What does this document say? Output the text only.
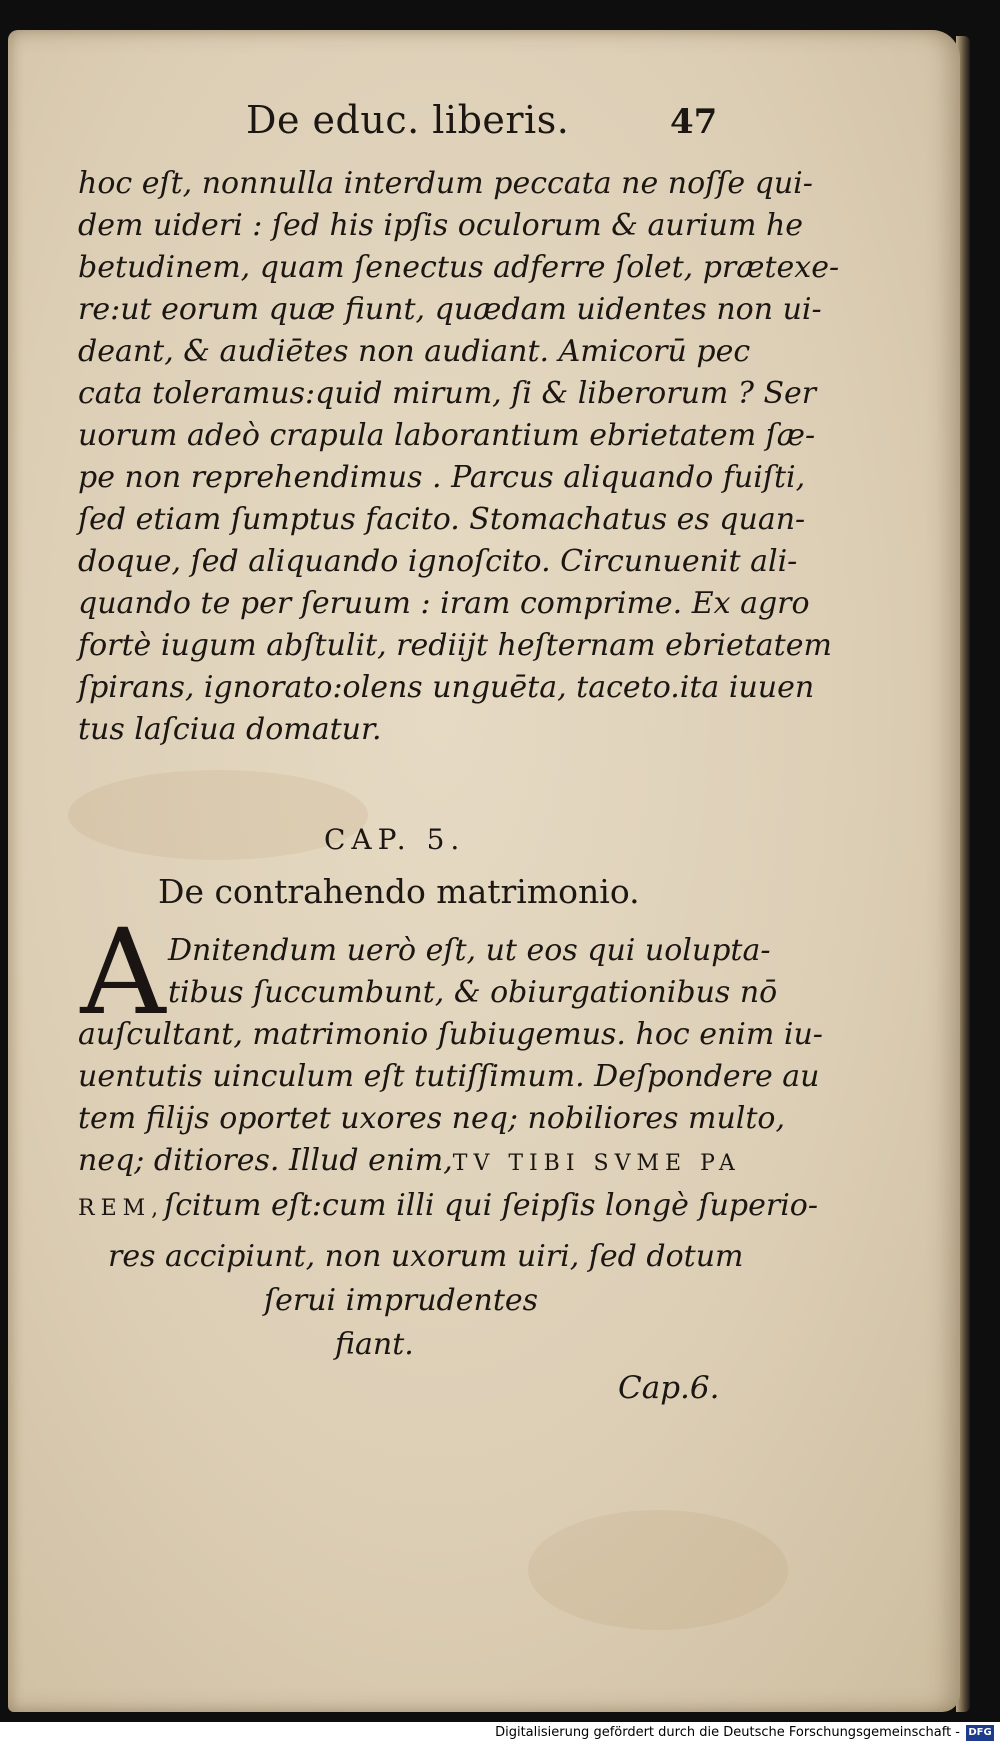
De educ. liberis.	47
hoc eſt, nonnulla interdum peccata ne noſſe qui-
dem uideri : ſed his ipſis oculorum & aurium he
betudinem, quam ſenectus adferre ſolet, prætexe-
re:ut eorum quæ fiunt, quædam uidentes non ui-
deant, & audiētes non audiant. Amicorū pec
cata toleramus:quid mirum, ſi & liberorum ? Ser
uorum adeò crapula laborantium ebrietatem ſæ-
pe non reprehendimus . Parcus aliquando fuiſti,
ſed etiam ſumptus facito. Stomachatus es quan-
doque, ſed aliquando ignoſcito. Circunuenit ali-
quando te per ſeruum : iram comprime. Ex agro
fortè iugum abſtulit, rediijt heſternam ebrietatem
ſpirans, ignorato:olens unguēta, taceto.ita iuuen
tus laſciua domatur.
CAP. 5.
De contrahendo matrimonio.
A Dnitendum uerò eſt, ut eos qui uolupta-
tibus ſuccumbunt, & obiurgationibus nō
auſcultant, matrimonio ſubiugemus. hoc enim iu-
uentutis uinculum eſt tutiſſimum. Deſpondere au
tem filijs oportet uxores neq; nobiliores multo,
neq; ditiores. Illud enim,TV TIBI SVME PA
REM,ſcitum eſt:cum illi qui ſeipſis longè ſuperio-
res accipiunt, non uxorum uiri, ſed dotum
ſerui imprudentes
fiant.
Cap.6.
Digitalisierung gefördert durch die Deutsche Forschungsgemeinschaft - DFG
